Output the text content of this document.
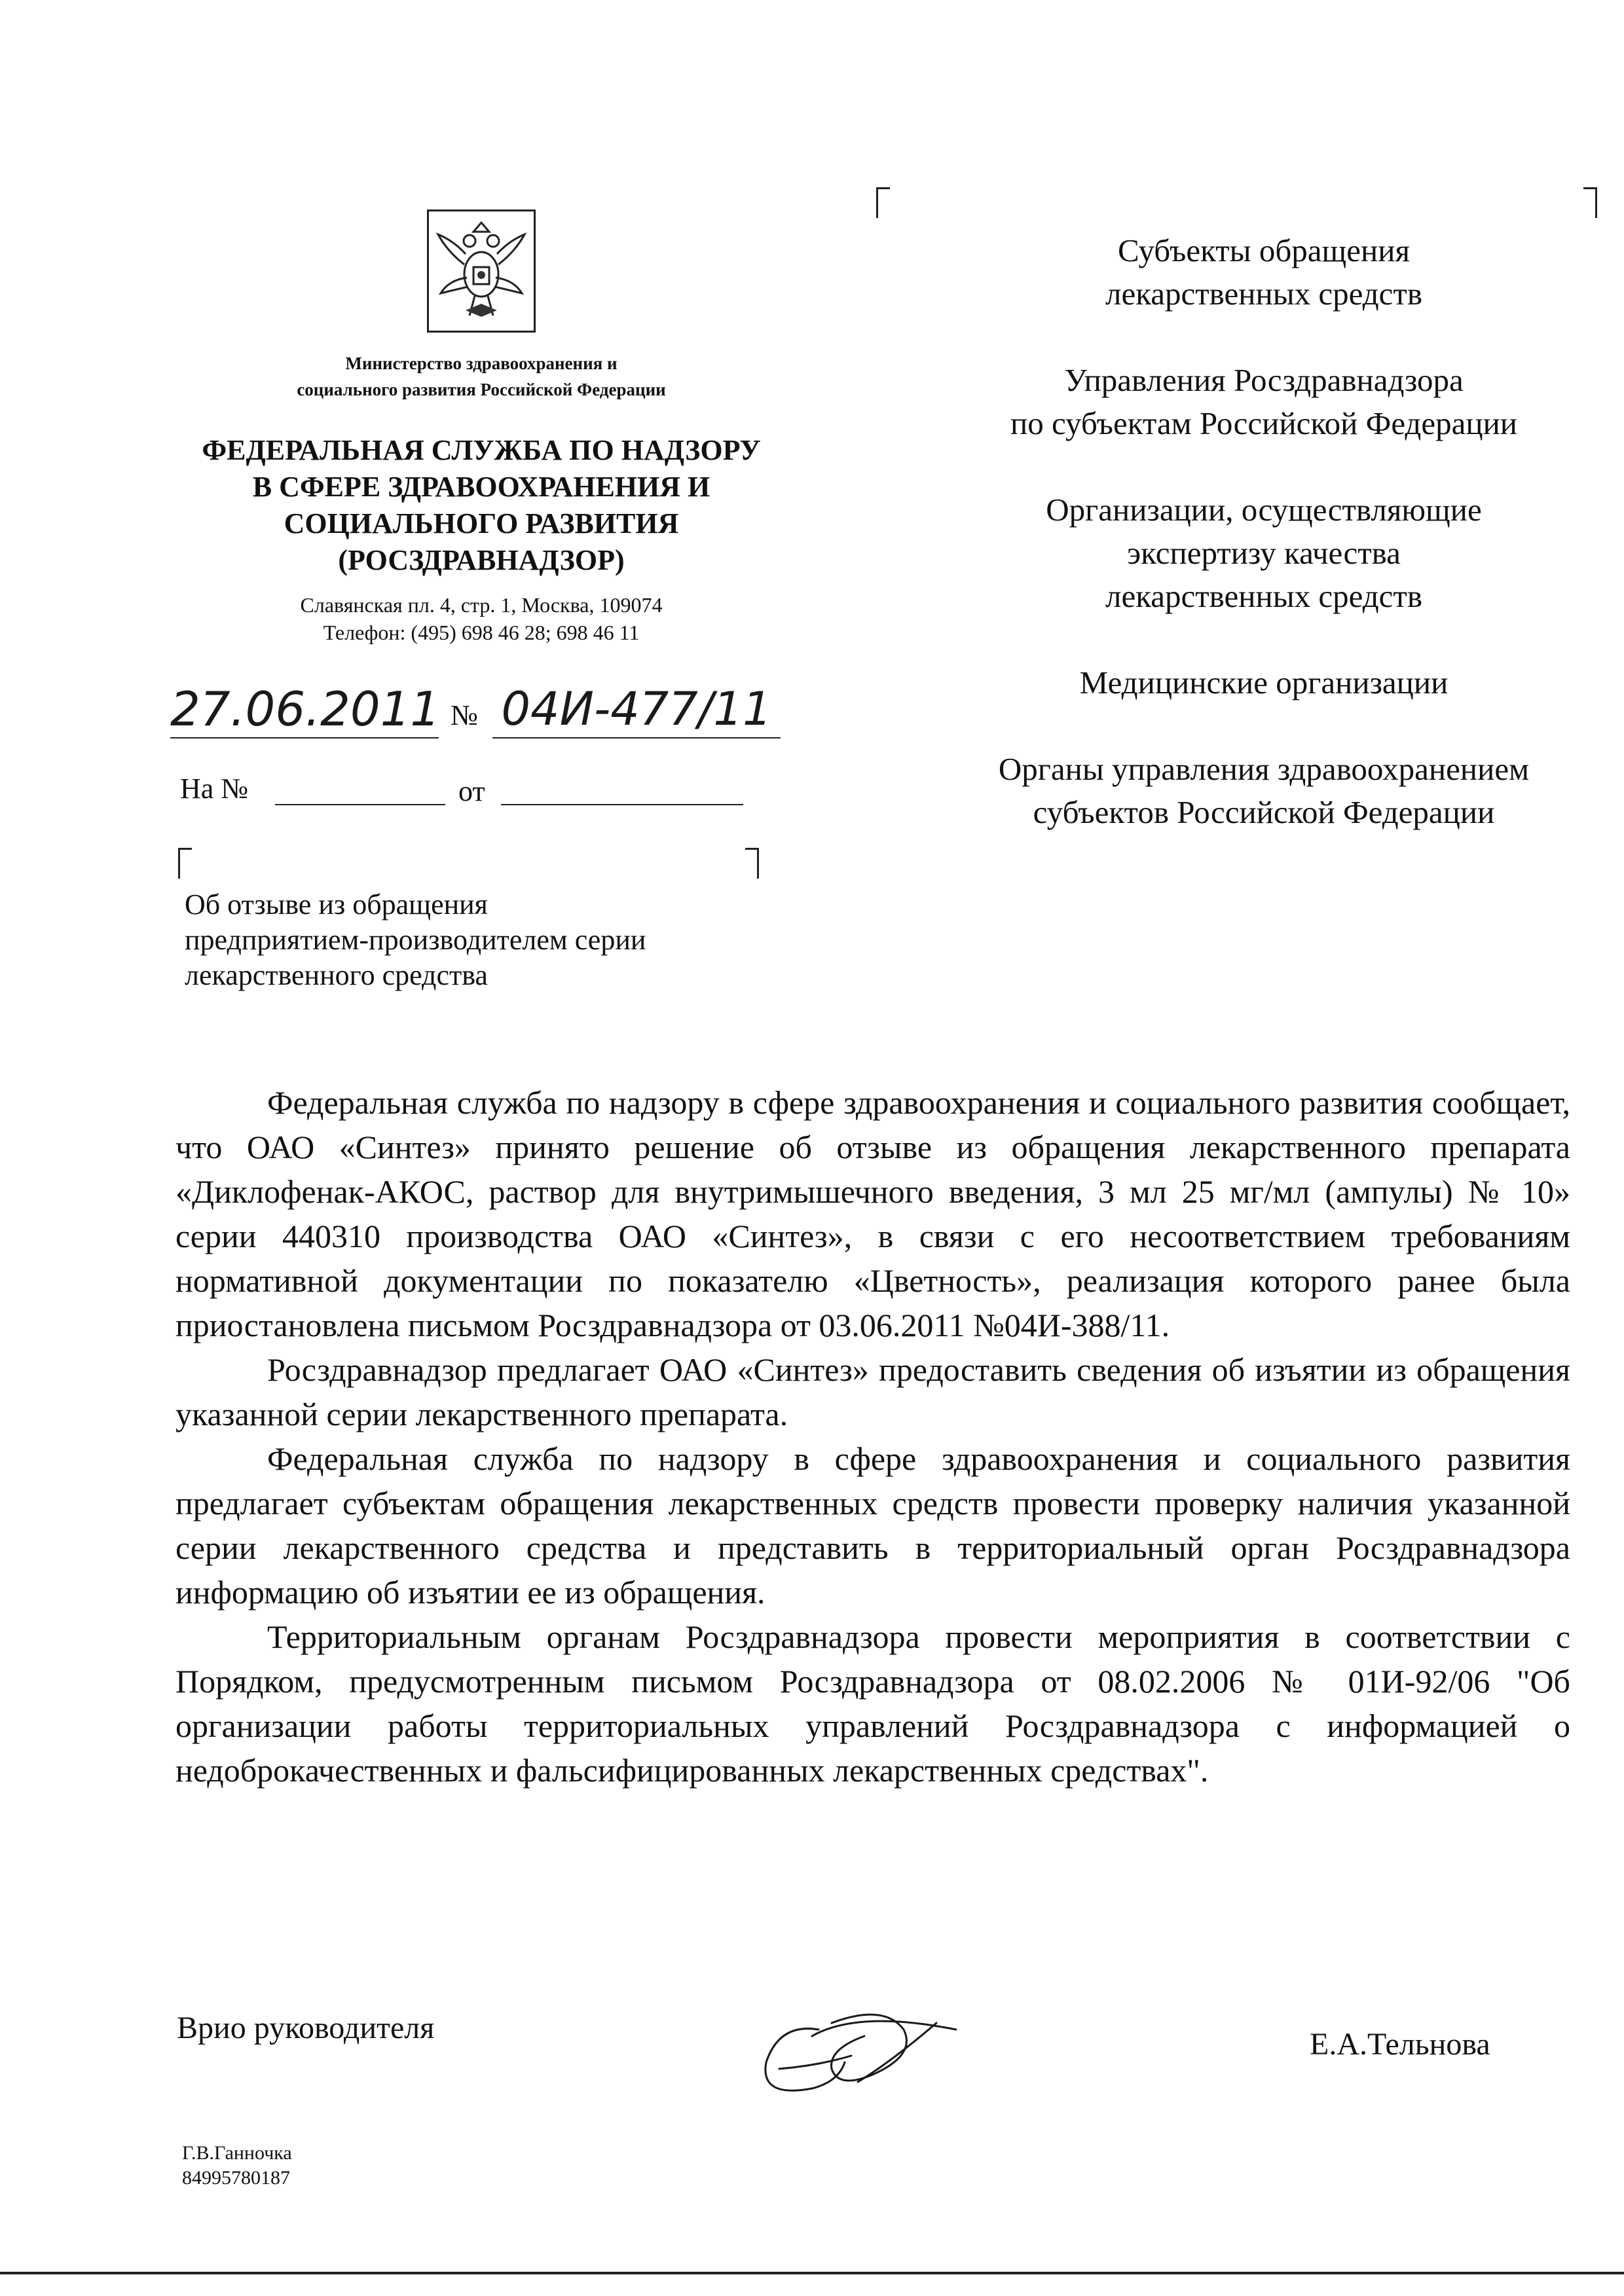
Министерство здравоохранения и
социального развития Российской Федерации
ФЕДЕРАЛЬНАЯ СЛУЖБА ПО НАДЗОРУ
В СФЕРЕ ЗДРАВООХРАНЕНИЯ И
СОЦИАЛЬНОГО РАЗВИТИЯ
(РОСЗДРАВНАДЗОР)
Славянская пл. 4, стр. 1, Москва, 109074
Телефон: (495) 698 46 28; 698 46 11
27.06.2011 № 04И-477/11
На №	от
Об отзыве из обращения
предприятием-производителем серии
лекарственного средства
Субъекты обращения
лекарственных средств
Управления Росздравнадзора
по субъектам Российской Федерации
Организации, осуществляющие
экспертизу качества
лекарственных средств
Медицинские организации
Органы управления здравоохранением
субъектов Российской Федерации

Федеральная служба по надзору в сфере здравоохранения и социального развития сообщает, что ОАО «Синтез» принято решение об отзыве из обращения лекарственного препарата «Диклофенак-АКОС, раствор для внутримышечного введения, 3 мл 25 мг/мл (ампулы) № 10» серии 440310 производства ОАО «Синтез», в связи с его несоответствием требованиям нормативной документации по показателю «Цветность», реализация которого ранее была приостановлена письмом Росздравнадзора от 03.06.2011 №04И-388/11.

Росздравнадзор предлагает ОАО «Синтез» предоставить сведения об изъятии из обращения указанной серии лекарственного препарата.

Федеральная служба по надзору в сфере здравоохранения и социального развития предлагает субъектам обращения лекарственных средств провести проверку наличия указанной серии лекарственного средства и представить в территориальный орган Росздравнадзора информацию об изъятии ее из обращения.

Территориальным органам Росздравнадзора провести мероприятия в соответствии с Порядком, предусмотренным письмом Росздравнадзора от 08.02.2006 № 01И-92/06 "Об организации работы территориальных управлений Росздравнадзора с информацией о недоброкачественных и фальсифицированных лекарственных средствах".

Врио руководителя	Е.А.Тельнова
Г.В.Ганночка
84995780187
